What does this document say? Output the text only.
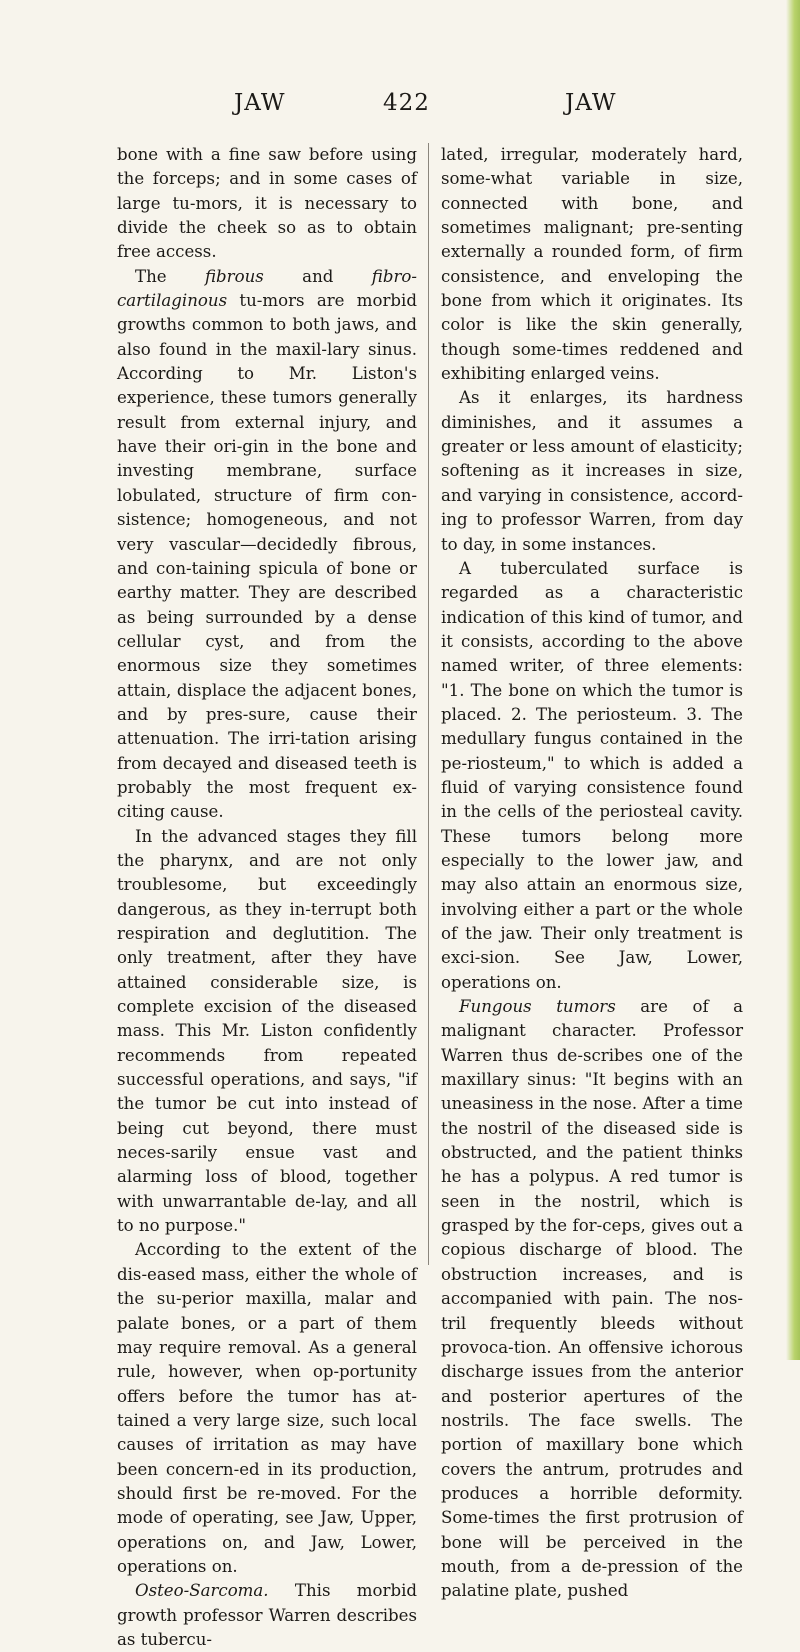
JAW	422	JAW

bone with a fine saw before using the forceps; and in some cases of large tu-mors, it is necessary to divide the cheek so as to obtain free access.

The fibrous and fibro-cartilaginous tu-mors are morbid growths common to both jaws, and also found in the maxil-lary sinus. According to Mr. Liston's experience, these tumors generally result from external injury, and have their ori-gin in the bone and investing membrane, surface lobulated, structure of firm con-sistence; homogeneous, and not very vascular—decidedly fibrous, and con-taining spicula of bone or earthy matter. They are described as being surrounded by a dense cellular cyst, and from the enormous size they sometimes attain, displace the adjacent bones, and by pres-sure, cause their attenuation. The irri-tation arising from decayed and diseased teeth is probably the most frequent ex-citing cause.

In the advanced stages they fill the pharynx, and are not only troublesome, but exceedingly dangerous, as they in-terrupt both respiration and deglutition. The only treatment, after they have attained considerable size, is complete excision of the diseased mass. This Mr. Liston confidently recommends from repeated successful operations, and says, "if the tumor be cut into instead of being cut beyond, there must neces-sarily ensue vast and alarming loss of blood, together with unwarrantable de-lay, and all to no purpose."

According to the extent of the dis-eased mass, either the whole of the su-perior maxilla, malar and palate bones, or a part of them may require removal. As a general rule, however, when op-portunity offers before the tumor has at-tained a very large size, such local causes of irritation as may have been concern-ed in its production, should first be re-moved. For the mode of operating, see Jaw, Upper, operations on, and Jaw, Lower, operations on.

Osteo-Sarcoma. This morbid growth professor Warren describes as tubercu-

lated, irregular, moderately hard, some-what variable in size, connected with bone, and sometimes malignant; pre-senting externally a rounded form, of firm consistence, and enveloping the bone from which it originates. Its color is like the skin generally, though some-times reddened and exhibiting enlarged veins.

As it enlarges, its hardness diminishes, and it assumes a greater or less amount of elasticity; softening as it increases in size, and varying in consistence, accord-ing to professor Warren, from day to day, in some instances.

A tuberculated surface is regarded as a characteristic indication of this kind of tumor, and it consists, according to the above named writer, of three elements: "1. The bone on which the tumor is placed. 2. The periosteum. 3. The medullary fungus contained in the pe-riosteum," to which is added a fluid of varying consistence found in the cells of the periosteal cavity. These tumors belong more especially to the lower jaw, and may also attain an enormous size, involving either a part or the whole of the jaw. Their only treatment is exci-sion. See Jaw, Lower, operations on.

Fungous tumors are of a malignant character. Professor Warren thus de-scribes one of the maxillary sinus: "It begins with an uneasiness in the nose. After a time the nostril of the diseased side is obstructed, and the patient thinks he has a polypus. A red tumor is seen in the nostril, which is grasped by the for-ceps, gives out a copious discharge of blood. The obstruction increases, and is accompanied with pain. The nos-tril frequently bleeds without provoca-tion. An offensive ichorous discharge issues from the anterior and posterior apertures of the nostrils. The face swells. The portion of maxillary bone which covers the antrum, protrudes and produces a horrible deformity. Some-times the first protrusion of bone will be perceived in the mouth, from a de-pression of the palatine plate, pushed
